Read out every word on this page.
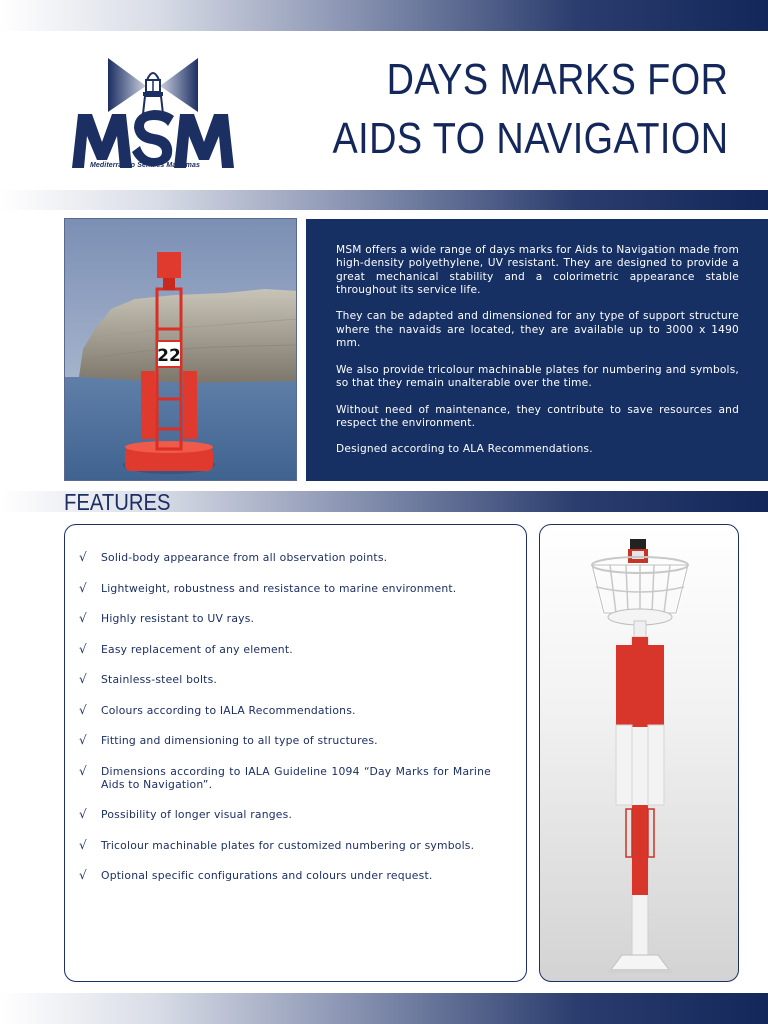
Mediterráneo Señales Marítimas
DAYS MARKS FOR
AIDS TO NAVIGATION
22

MSM offers a wide range of days marks for Aids to Navigation made from high-density polyethylene, UV resistant. They are designed to provide a great mechanical stability and a colorimetric appearance stable throughout its service life.

They can be adapted and dimensioned for any type of support structure where the navaids are located, they are available up to 3000 x 1490 mm.

We also provide tricolour machinable plates for numbering and symbols, so that they remain unalterable over the time.

Without need of maintenance, they contribute to save resources and respect the environment.

Designed according to ALA Recommendations.

FEATURES
√	Solid-body appearance from all observation points.
√	Lightweight, robustness and resistance to marine environment.
√	Highly resistant to UV rays.
√	Easy replacement of any element.
√	Stainless-steel bolts.
√	Colours according to IALA Recommendations.
√	Fitting and dimensioning to all type of structures.
√	Dimensions according to IALA Guideline 1094 “Day Marks for Marine Aids to Navigation”.
√	Possibility of longer visual ranges.
√	Tricolour machinable plates for customized numbering or symbols.
√	Optional specific configurations and colours under request.
